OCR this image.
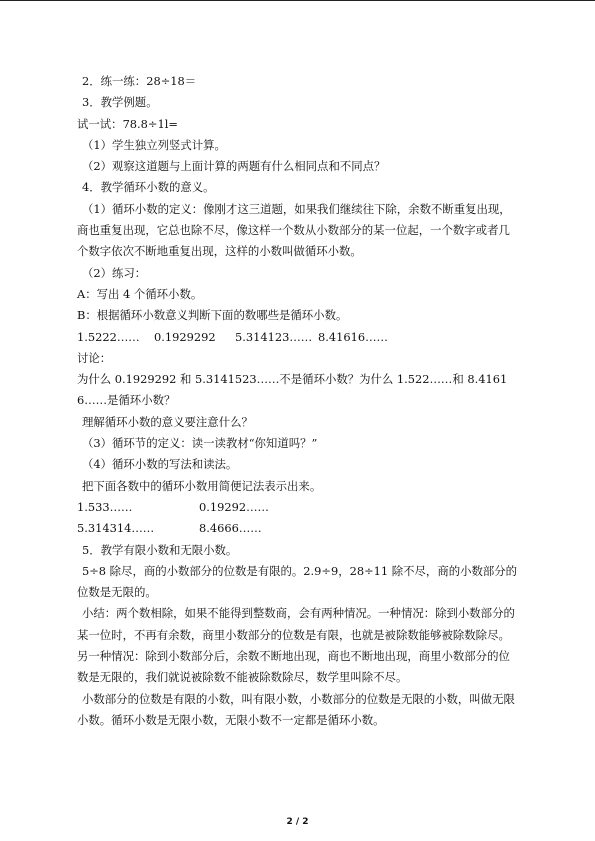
2．练一练：28÷18＝

3．教学例题。

试一试：78.8÷1l=

（1）学生独立列竖式计算。

（2）观察这道题与上面计算的两题有什么相同点和不同点？

4．教学循环小数的意义。

（1）循环小数的定义：像刚才这三道题，如果我们继续往下除，余数不断重复出现，商也重复出现，它总也除不尽，像这样一个数从小数部分的某一位起，一个数字或者几个数字依次不断地重复出现，这样的小数叫做循环小数。

（2）练习：

A：写出 4 个循环小数。

B：根据循环小数意义判断下面的数哪些是循环小数。

1.5222……	0.1929292	5.314123…… 8.41616……

讨论：

为什么 0.1929292 和 5.3141523……不是循环小数？为什么 1.522……和 8.41616……是循环小数？

理解循环小数的意义要注意什么？

（3）循环节的定义：读一读教材“你知道吗？”

（4）循环小数的写法和读法。

把下面各数中的循环小数用简便记法表示出来。

1.533……	0.19292……
5.314314……	8.4666……

5．教学有限小数和无限小数。

5÷8 除尽，商的小数部分的位数是有限的。2.9÷9，28÷11 除不尽，商的小数部分的位数是无限的。

小结：两个数相除，如果不能得到整数商，会有两种情况。一种情况：除到小数部分的某一位时，不再有余数，商里小数部分的位数是有限，也就是被除数能够被除数除尽。另一种情况：除到小数部分后，余数不断地出现，商也不断地出现，商里小数部分的位数是无限的，我们就说被除数不能被除数除尽，数学里叫除不尽。

小数部分的位数是有限的小数，叫有限小数，小数部分的位数是无限的小数，叫做无限小数。循环小数是无限小数，无限小数不一定都是循环小数。

2 / 2
